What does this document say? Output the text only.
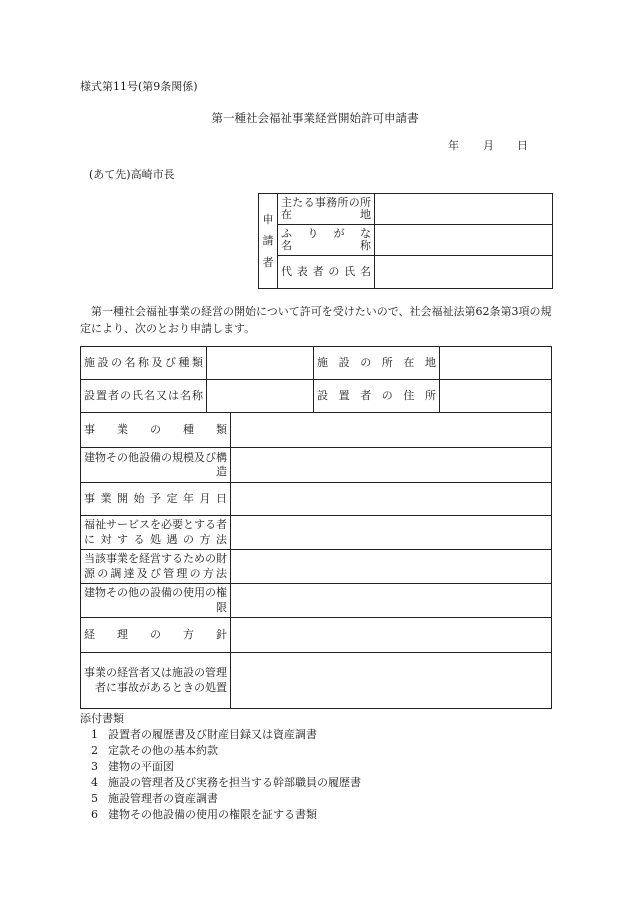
様式第11号(第9条関係)
第一種社会福祉事業経営開始許可申請書
年 月 日
(あて先)高崎市長
申
請
者	主たる事務所の所在地	

	ふりがな
名称	

	代表者の氏名	
第一種社会福祉事業の経営の開始について許可を受けたいので、社会福祉法第62条第3項の規定により、次のとおり申請します。
施設の名称及び種類		施設の所在地	
設置者の氏名又は名称		設置者の住所	
事業の種類	
建物その他設備の規模及び構造	
事業開始予定年月日	
福祉サービスを必要とする者に対する処遇の方法	
当該事業を経営するための財源の調達及び管理の方法	
建物その他の設備の使用の権限	
経理の方針	
事業の経営者又は施設の管理者に事故があるときの処置	
添付書類
1 設置者の履歴書及び財産目録又は資産調書
2 定款その他の基本約款
3 建物の平面図
4 施設の管理者及び実務を担当する幹部職員の履歴書
5 施設管理者の資産調書
6 建物その他設備の使用の権限を証する書類
